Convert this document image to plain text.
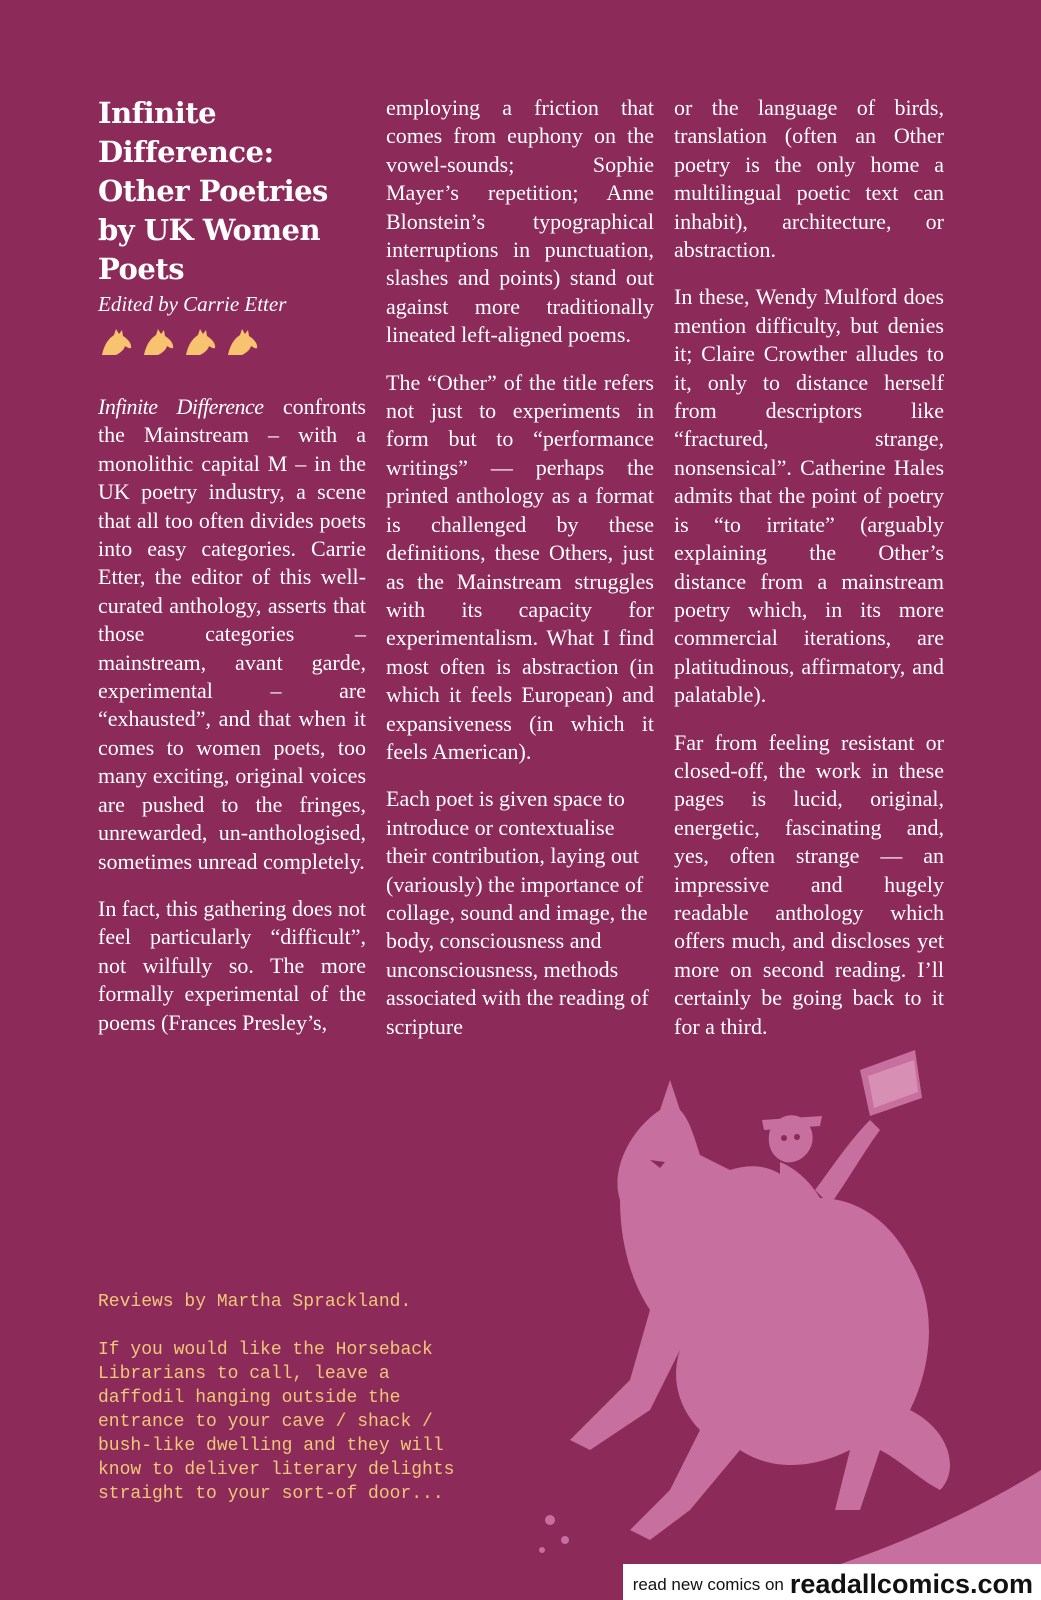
Infinite Difference: Other Poetries by UK Women Poets
Edited by Carrie Etter

Infinite Difference confronts the Mainstream – with a monolithic capital M – in the UK poetry industry, a scene that all too often divides poets into easy categories. Carrie Etter, the editor of this well-curated anthology, asserts that those categories – mainstream, avant garde, experimental – are “exhausted”, and that when it comes to women poets, too many exciting, original voices are pushed to the fringes, unrewarded, un-anthologised, sometimes unread completely.

In fact, this gathering does not feel particularly “difficult”, not wilfully so. The more formally experimental of the poems (Frances Presley’s,

employing a friction that comes from euphony on the vowel-sounds; Sophie Mayer’s repetition; Anne Blonstein’s typographical interruptions in punctuation, slashes and points) stand out against more traditionally lineated left-aligned poems.

The “Other” of the title refers not just to experiments in form but to “performance writings” — perhaps the printed anthology as a format is challenged by these definitions, these Others, just as the Mainstream struggles with its capacity for experimentalism. What I find most often is abstraction (in which it feels European) and expansiveness (in which it feels American).

Each poet is given space to introduce or contextualise their contribution, laying out (variously) the importance of collage, sound and image, the body, consciousness and unconsciousness, methods associated with the reading of scripture

or the language of birds, translation (often an Other poetry is the only home a multilingual poetic text can inhabit), architecture, or abstraction.

In these, Wendy Mulford does mention difficulty, but denies it; Claire Crowther alludes to it, only to distance herself from descriptors like “fractured, strange, nonsensical”. Catherine Hales admits that the point of poetry is “to irritate” (arguably explaining the Other’s distance from a mainstream poetry which, in its more commercial iterations, are platitudinous, affirmatory, and palatable).

Far from feeling resistant or closed-off, the work in these pages is lucid, original, energetic, fascinating and, yes, often strange — an impressive and hugely readable anthology which offers much, and discloses yet more on second reading. I’ll certainly be going back to it for a third.

Reviews by Martha Sprackland.

If you would like the Horseback Librarians to call, leave a daffodil hanging outside the entrance to your cave / shack / bush-like dwelling and they will know to deliver literary delights straight to your sort-of door...

read new comics on readallcomics.com
